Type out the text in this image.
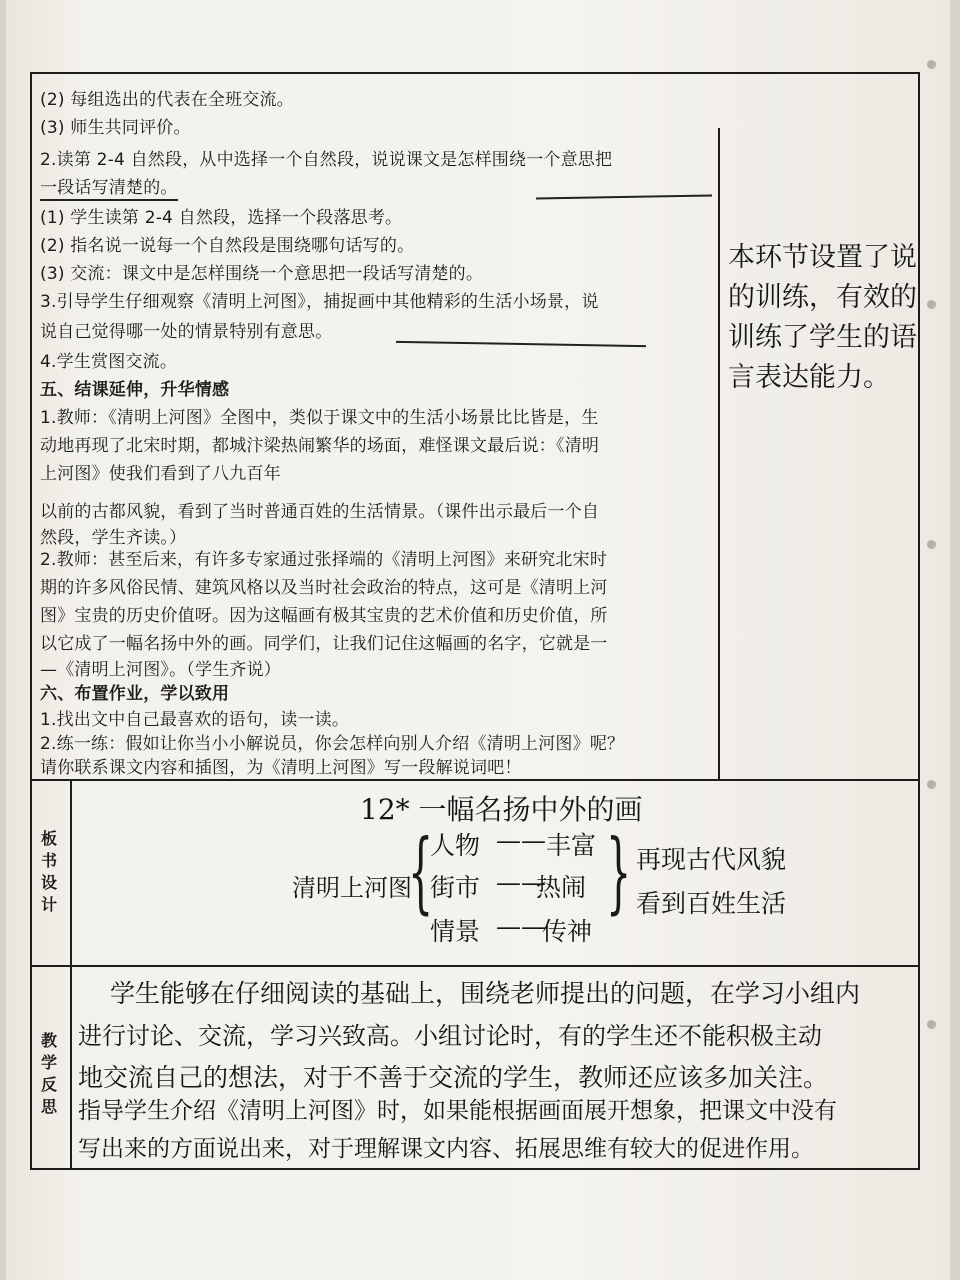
(2) 每组选出的代表在全班交流。
(3) 师生共同评价。
2.读第 2-4 自然段，从中选择一个自然段，说说课文是怎样围绕一个意思把
一段话写清楚的。
(1) 学生读第 2-4 自然段，选择一个段落思考。
(2) 指名说一说每一个自然段是围绕哪句话写的。
(3) 交流：课文中是怎样围绕一个意思把一段话写清楚的。
3.引导学生仔细观察《清明上河图》，捕捉画中其他精彩的生活小场景，说
说自己觉得哪一处的情景特别有意思。
4.学生赏图交流。
五、结课延伸，升华情感
1.教师：《清明上河图》全图中，类似于课文中的生活小场景比比皆是，生
动地再现了北宋时期，都城汴梁热闹繁华的场面，难怪课文最后说：《清明
上河图》使我们看到了八九百年
以前的古都风貌，看到了当时普通百姓的生活情景。（课件出示最后一个自
然段，学生齐读。）
2.教师：甚至后来，有许多专家通过张择端的《清明上河图》来研究北宋时
期的许多风俗民情、建筑风格以及当时社会政治的特点，这可是《清明上河
图》宝贵的历史价值呀。因为这幅画有极其宝贵的艺术价值和历史价值，所
以它成了一幅名扬中外的画。同学们，让我们记住这幅画的名字，它就是一
—《清明上河图》。（学生齐说）
六、布置作业，学以致用
1.找出文中自己最喜欢的语句，读一读。
2.练一练：假如让你当小小解说员，你会怎样向别人介绍《清明上河图》呢？
请你联系课文内容和插图，为《清明上河图》写一段解说词吧！
本环节设置了说
的训练，有效的
训练了学生的语
言表达能力。
板书设计
12* 一幅名扬中外的画
清明上河图
{
人物 —— 丰富
街市 ——
热闹
情景 ——
传神
} 再现古代风貌
看到百姓生活
教学反思
学生能够在仔细阅读的基础上，围绕老师提出的问题，在学习小组内
进行讨论、交流，学习兴致高。小组讨论时，有的学生还不能积极主动
地交流自己的想法，对于不善于交流的学生，教师还应该多加关注。
指导学生介绍《清明上河图》时，如果能根据画面展开想象，把课文中没有
写出来的方面说出来，对于理解课文内容、拓展思维有较大的促进作用。
